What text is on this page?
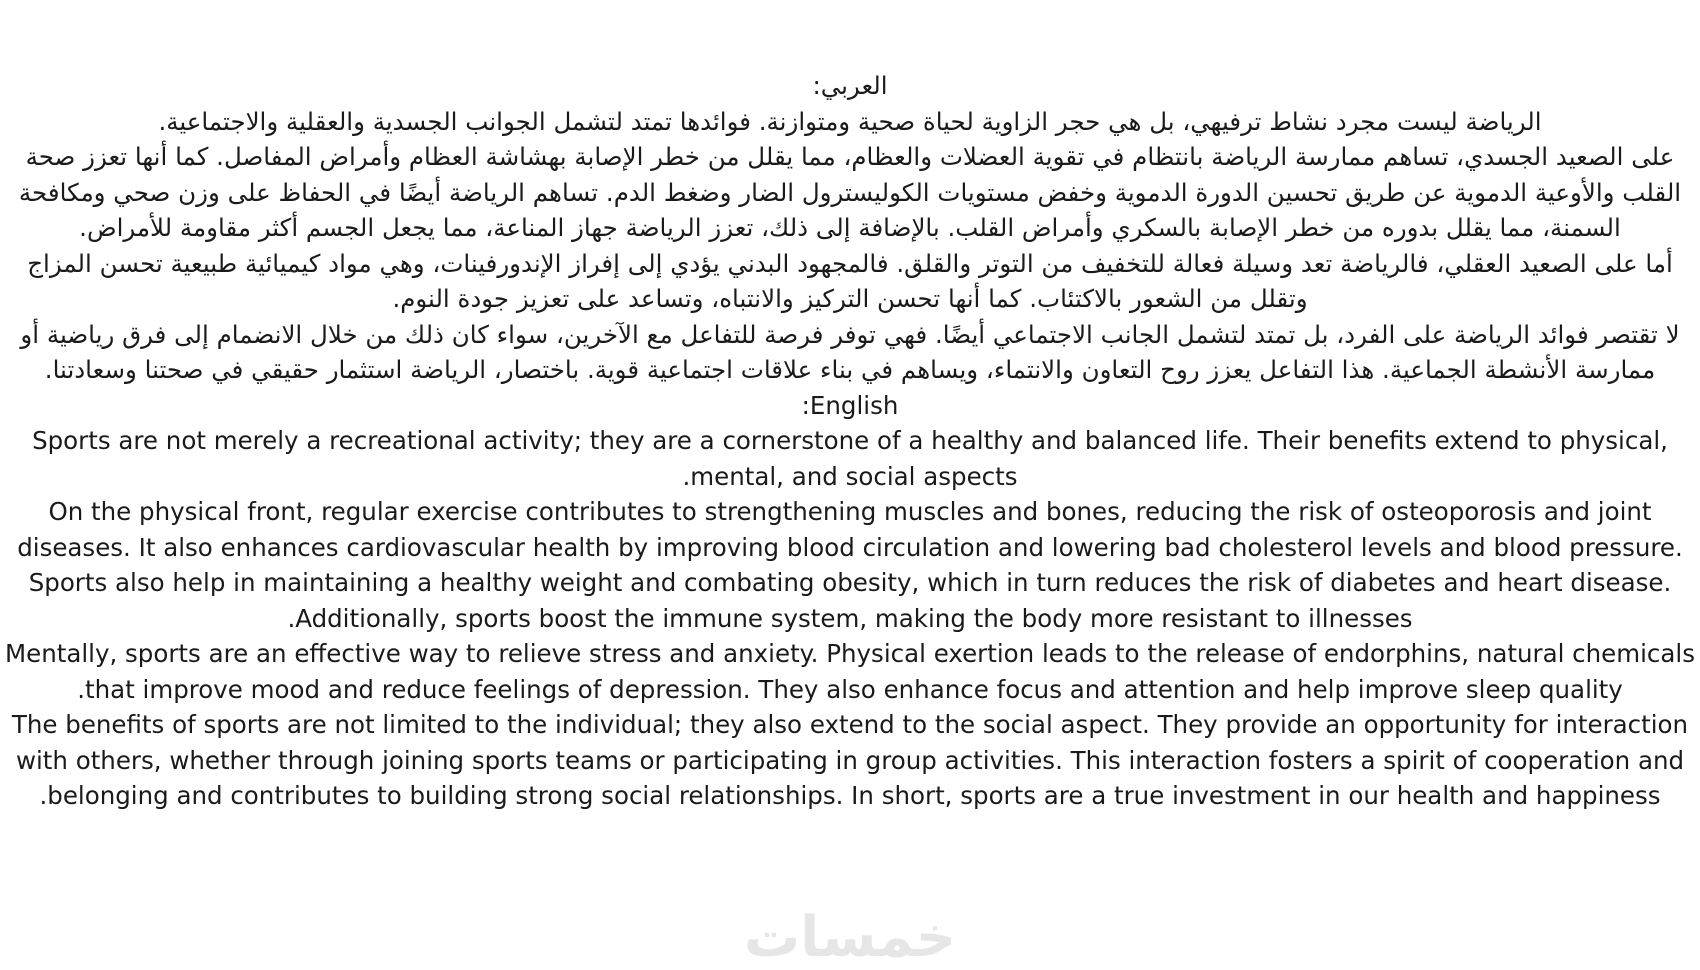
العربي:

الرياضة ليست مجرد نشاط ترفيهي، بل هي حجر الزاوية لحياة صحية ومتوازنة. فوائدها تمتد لتشمل الجوانب الجسدية والعقلية والاجتماعية.

على الصعيد الجسدي، تساهم ممارسة الرياضة بانتظام في تقوية العضلات والعظام، مما يقلل من خطر الإصابة بهشاشة العظام وأمراض المفاصل. كما أنها تعزز صحة القلب والأوعية الدموية عن طريق تحسين الدورة الدموية وخفض مستويات الكوليسترول الضار وضغط الدم. تساهم الرياضة أيضًا في الحفاظ على وزن صحي ومكافحة السمنة، مما يقلل بدوره من خطر الإصابة بالسكري وأمراض القلب. بالإضافة إلى ذلك، تعزز الرياضة جهاز المناعة، مما يجعل الجسم أكثر مقاومة للأمراض.

أما على الصعيد العقلي، فالرياضة تعد وسيلة فعالة للتخفيف من التوتر والقلق. فالمجهود البدني يؤدي إلى إفراز الإندورفينات، وهي مواد كيميائية طبيعية تحسن المزاج وتقلل من الشعور بالاكتئاب. كما أنها تحسن التركيز والانتباه، وتساعد على تعزيز جودة النوم.

لا تقتصر فوائد الرياضة على الفرد، بل تمتد لتشمل الجانب الاجتماعي أيضًا. فهي توفر فرصة للتفاعل مع الآخرين، سواء كان ذلك من خلال الانضمام إلى فرق رياضية أو ممارسة الأنشطة الجماعية. هذا التفاعل يعزز روح التعاون والانتماء، ويساهم في بناء علاقات اجتماعية قوية. باختصار، الرياضة استثمار حقيقي في صحتنا وسعادتنا.

English:

Sports are not merely a recreational activity; they are a cornerstone of a healthy and balanced life. Their benefits extend to physical, mental, and social aspects.

On the physical front, regular exercise contributes to strengthening muscles and bones, reducing the risk of osteoporosis and joint diseases. It also enhances cardiovascular health by improving blood circulation and lowering bad cholesterol levels and blood pressure. Sports also help in maintaining a healthy weight and combating obesity, which in turn reduces the risk of diabetes and heart disease. Additionally, sports boost the immune system, making the body more resistant to illnesses.

Mentally, sports are an effective way to relieve stress and anxiety. Physical exertion leads to the release of endorphins, natural chemicals that improve mood and reduce feelings of depression. They also enhance focus and attention and help improve sleep quality.

The benefits of sports are not limited to the individual; they also extend to the social aspect. They provide an opportunity for interaction with others, whether through joining sports teams or participating in group activities. This interaction fosters a spirit of cooperation and belonging and contributes to building strong social relationships. In short, sports are a true investment in our health and happiness.

خمسات
